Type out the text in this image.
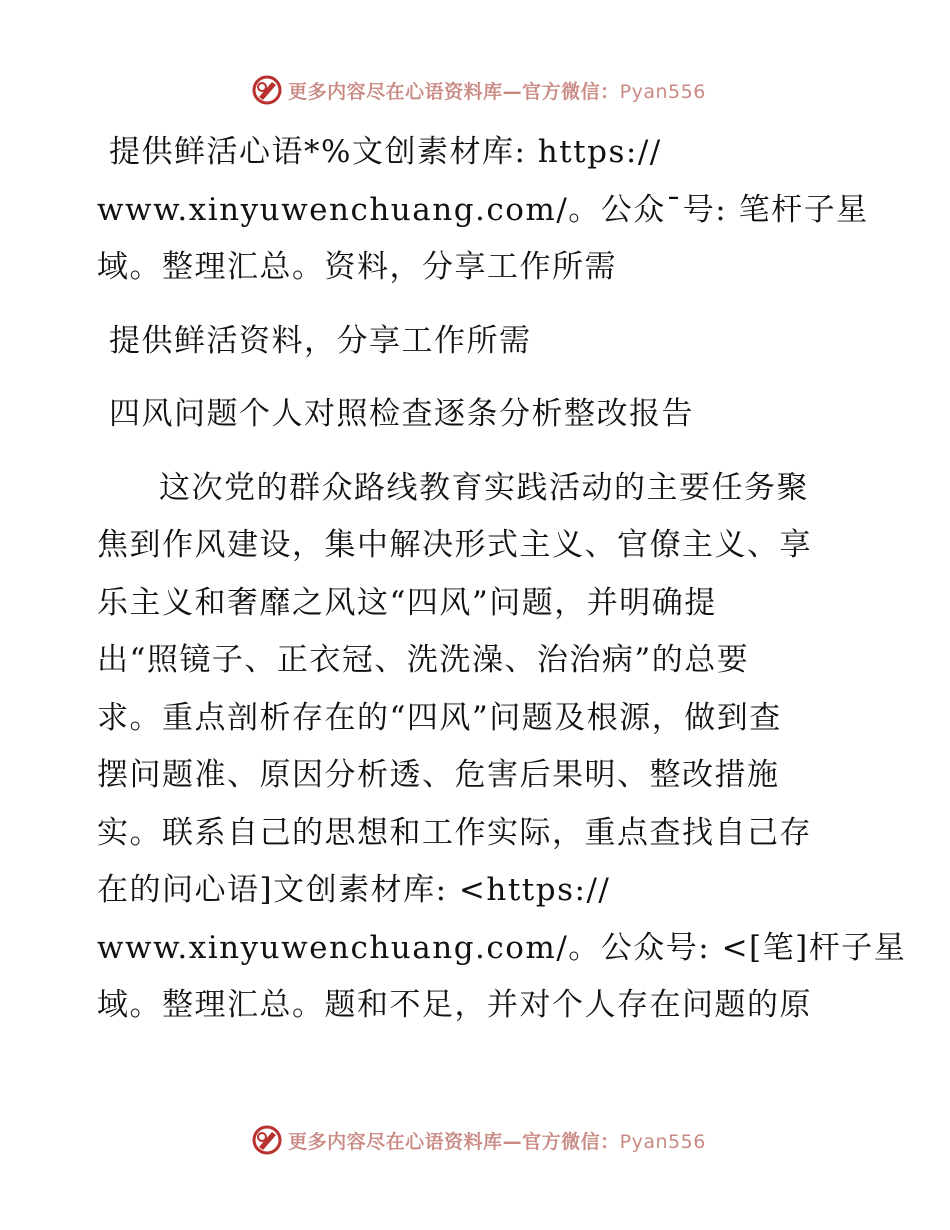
更多内容尽在心语资料库—官方微信：Pyan556
提供鲜活心语*%文创素材库: https://
www.xinyuwenchuang.com/。公众¯号: 笔杆子星
域。整理汇总。资料，分享工作所需
提供鲜活资料，分享工作所需
四风问题个人对照检查逐条分析整改报告
这次党的群众路线教育实践活动的主要任务聚
焦到作风建设，集中解决形式主义、官僚主义、享
乐主义和奢靡之风这“四风”问题，并明确提
出“照镜子、正衣冠、洗洗澡、治治病”的总要
求。重点剖析存在的“四风”问题及根源，做到查
摆问题准、原因分析透、危害后果明、整改措施
实。联系自己的思想和工作实际，重点查找自己存
在的问心语]文创素材库: <https://
www.xinyuwenchuang.com/。公众号: <[笔]杆子星
域。整理汇总。题和不足，并对个人存在问题的原
更多内容尽在心语资料库—官方微信：Pyan556
